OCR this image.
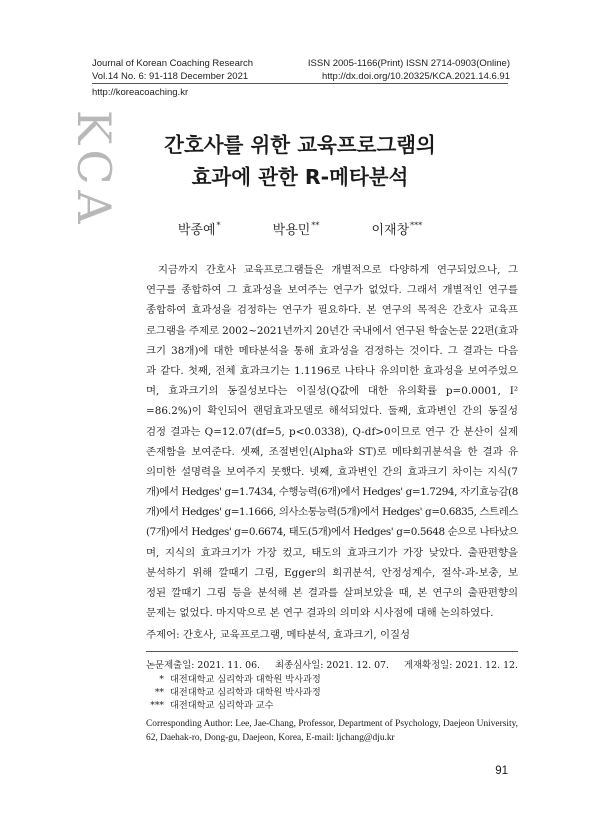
Journal of Korean Coaching Research
Vol.14 No. 6: 91-118 December 2021
ISSN 2005-1166(Print) ISSN 2714-0903(Online)
http://dx.doi.org/10.20325/KCA.2021.14.6.91
http://koreacoaching.kr
K
C
A
간호사를 위한 교육프로그램의
효과에 관한 R-메타분석
박종예*	박용민**	이재창***
지금까지 간호사 교육프로그램들은 개별적으로 다양하게 연구되었으나, 그
연구를 종합하여 그 효과성을 보여주는 연구가 없었다. 그래서 개별적인 연구를
종합하여 효과성을 검정하는 연구가 필요하다. 본 연구의 목적은 간호사 교육프
로그램을 주제로 2002~2021년까지 20년간 국내에서 연구된 학술논문 22편(효과
크기 38개)에 대한 메타분석을 통해 효과성을 검정하는 것이다. 그 결과는 다음
과 같다. 첫째, 전체 효과크기는 1.1196로 나타나 유의미한 효과성을 보여주었으
며, 효과크기의 동질성보다는 이질성(Q값에 대한 유의확률 p=0.0001, I²
=86.2%)이 확인되어 랜덤효과모델로 해석되었다. 둘째, 효과변인 간의 동질성
검정 결과는 Q=12.07(df=5, p<0.0338), Q-df>0이므로 연구 간 분산이 실제
존재함을 보여준다. 셋째, 조절변인(Alpha와 ST)로 메타회귀분석을 한 결과 유
의미한 설명력을 보여주지 못했다. 넷째, 효과변인 간의 효과크기 차이는 지식(7
개)에서 Hedges' g=1.7434, 수행능력(6개)에서 Hedges' g=1.7294, 자기효능감(8
개)에서 Hedges' g=1.1666, 의사소통능력(5개)에서 Hedges' g=0.6835, 스트레스
(7개)에서 Hedges' g=0.6674, 태도(5개)에서 Hedges' g=0.5648 순으로 나타났으
며, 지식의 효과크기가 가장 컸고, 태도의 효과크기가 가장 낮았다. 출판편향을
분석하기 위해 깔때기 그림, Egger의 회귀분석, 안정성계수, 절삭-과-보충, 보
정된 깔때기 그림 등을 분석해 본 결과를 살펴보았을 때, 본 연구의 출판편향의
문제는 없었다. 마지막으로 본 연구 결과의 의미와 시사점에 대해 논의하였다.
주제어: 간호사, 교육프로그램, 메타분석, 효과크기, 이질성
논문제출일: 2021. 11. 06. 최종심사일: 2021. 12. 07. 게재확정일: 2021. 12. 12.
* 대전대학교 심리학과 대학원 박사과정
** 대전대학교 심리학과 대학원 박사과정
*** 대전대학교 심리학과 교수
Corresponding Author: Lee, Jae-Chang, Professor, Department of Psychology, Daejeon University, 62, Daehak-ro, Dong-gu, Daejeon, Korea, E-mail: ljchang@dju.kr
91
